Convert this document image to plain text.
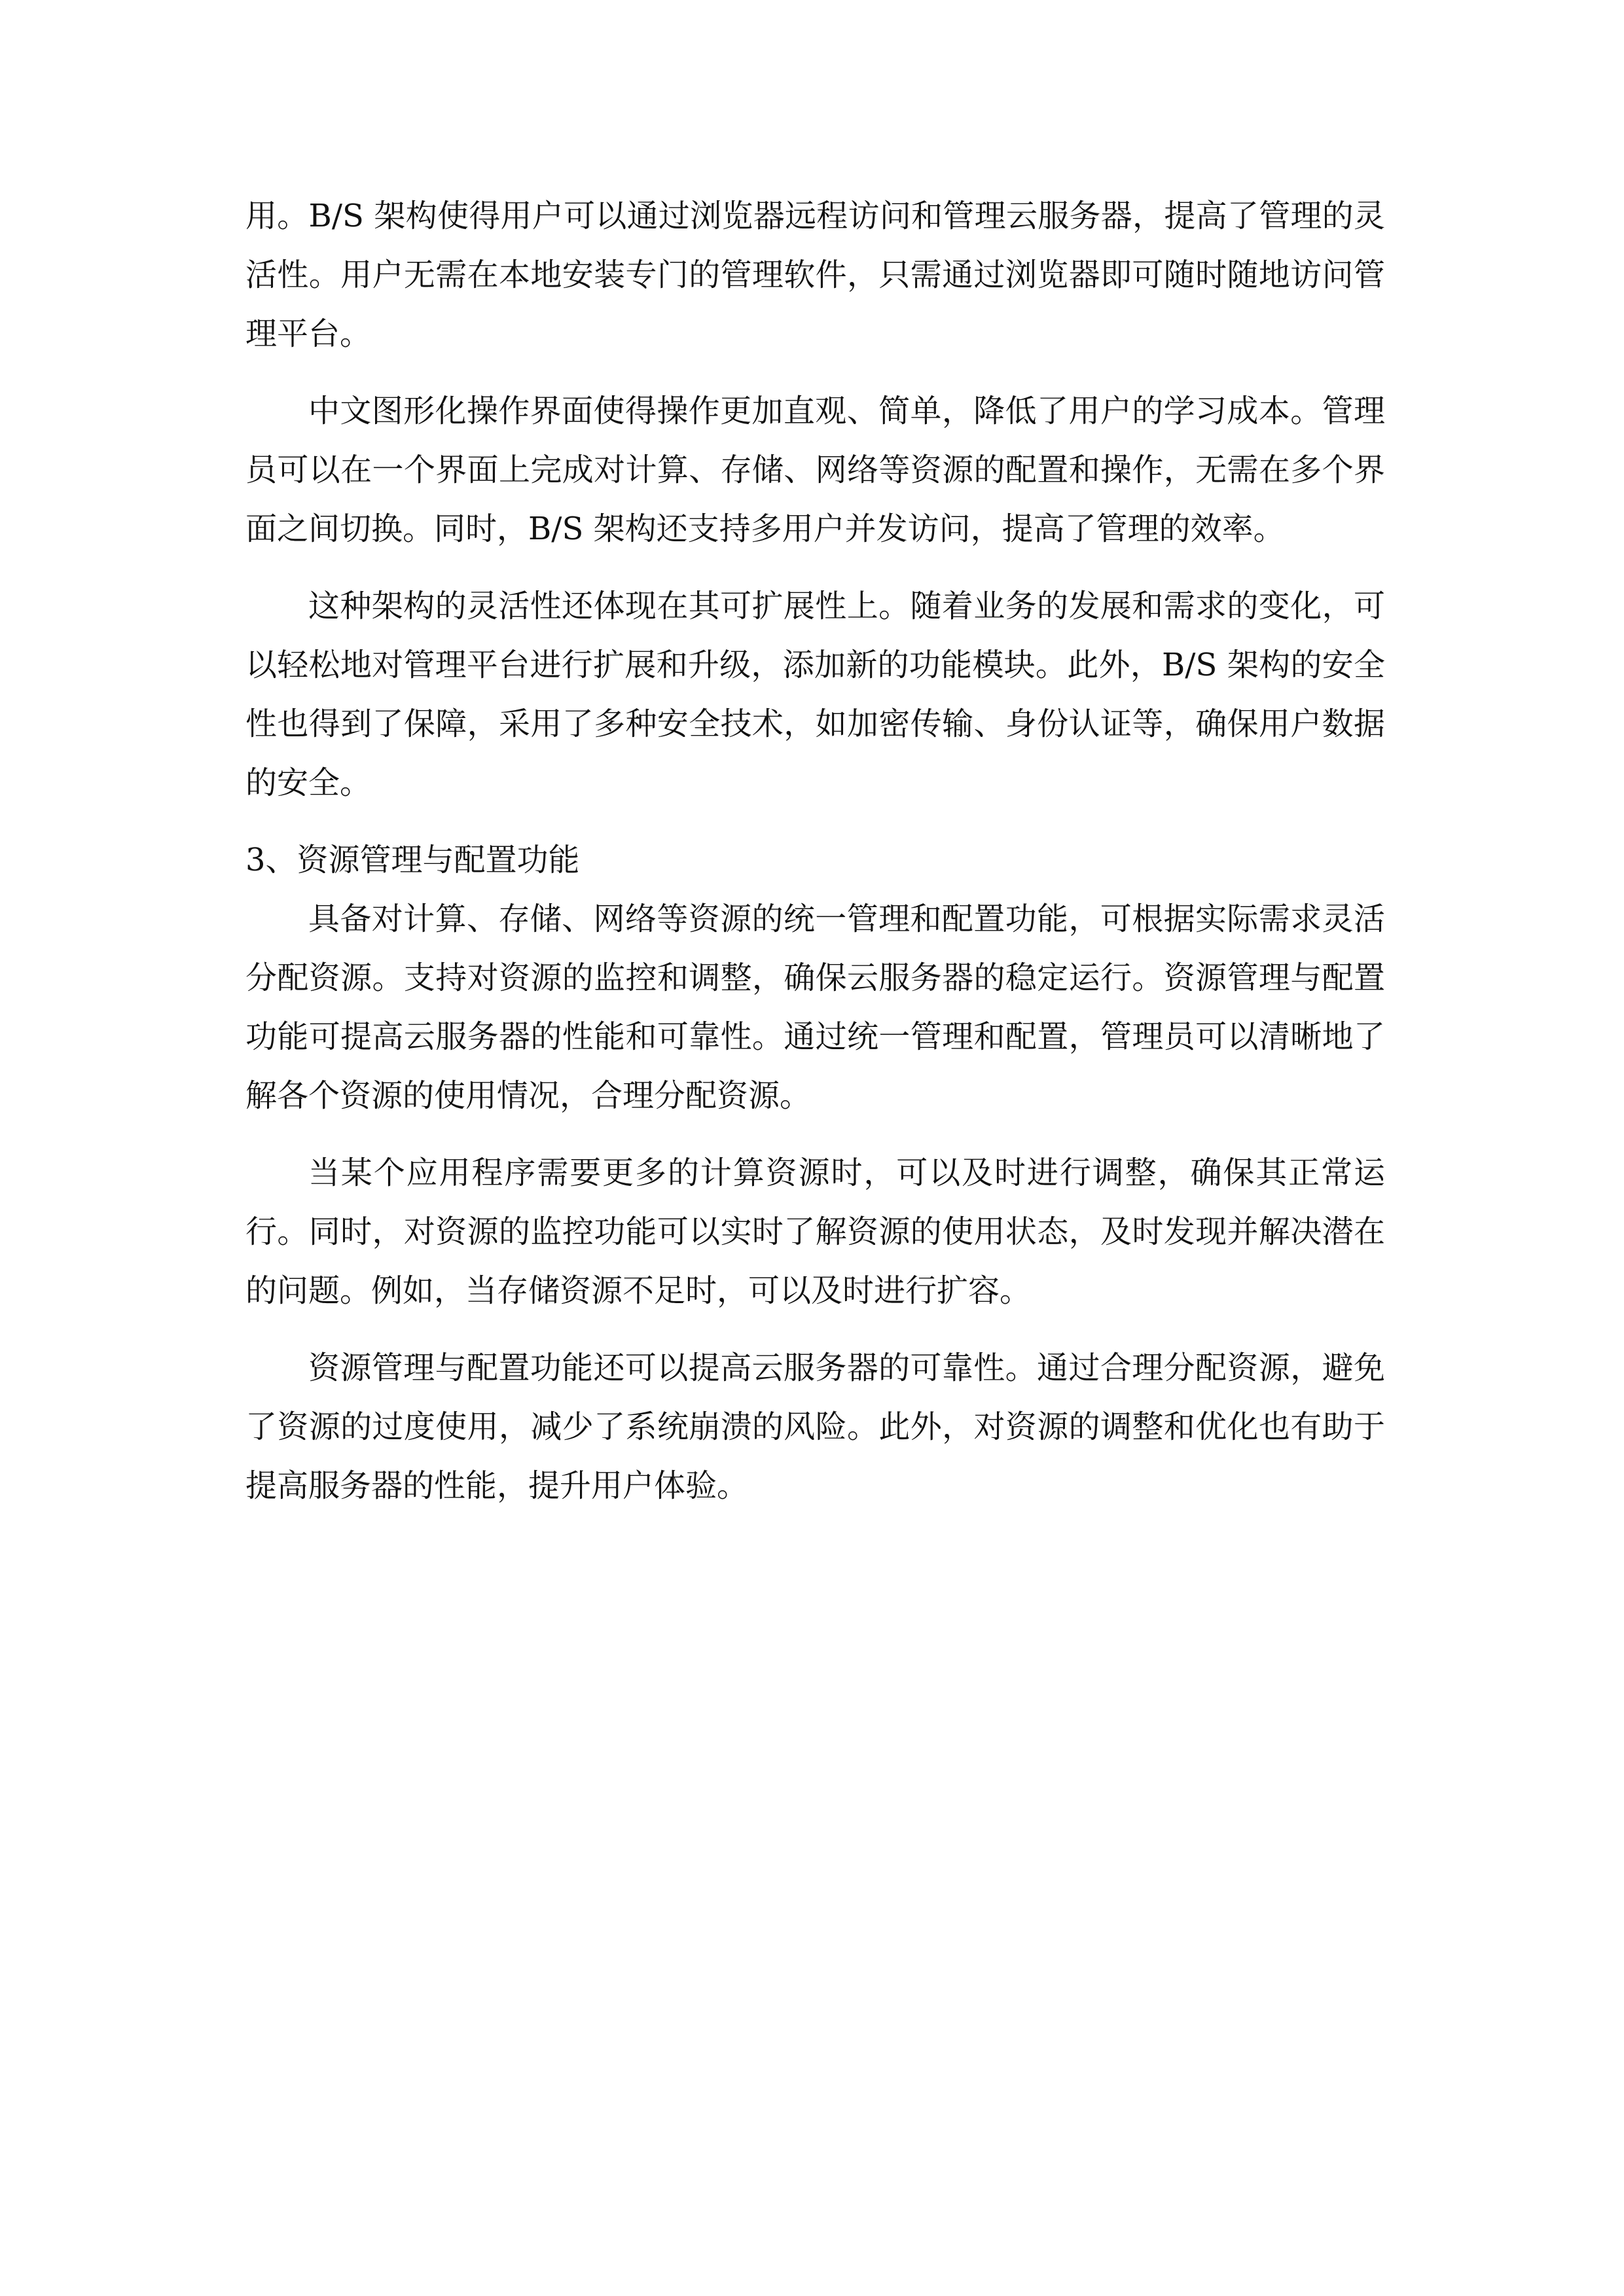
用。B/S 架构使得用户可以通过浏览器远程访问和管理云服务器，提高了管理的灵活性。用户无需在本地安装专门的管理软件，只需通过浏览器即可随时随地访问管理平台。

中文图形化操作界面使得操作更加直观、简单，降低了用户的学习成本。管理员可以在一个界面上完成对计算、存储、网络等资源的配置和操作，无需在多个界面之间切换。同时，B/S 架构还支持多用户并发访问，提高了管理的效率。

这种架构的灵活性还体现在其可扩展性上。随着业务的发展和需求的变化，可以轻松地对管理平台进行扩展和升级，添加新的功能模块。此外，B/S 架构的安全性也得到了保障，采用了多种安全技术，如加密传输、身份认证等，确保用户数据的安全。

3、资源管理与配置功能

具备对计算、存储、网络等资源的统一管理和配置功能，可根据实际需求灵活分配资源。支持对资源的监控和调整，确保云服务器的稳定运行。资源管理与配置功能可提高云服务器的性能和可靠性。通过统一管理和配置，管理员可以清晰地了解各个资源的使用情况，合理分配资源。

当某个应用程序需要更多的计算资源时，可以及时进行调整，确保其正常运行。同时，对资源的监控功能可以实时了解资源的使用状态，及时发现并解决潜在的问题。例如，当存储资源不足时，可以及时进行扩容。

资源管理与配置功能还可以提高云服务器的可靠性。通过合理分配资源，避免了资源的过度使用，减少了系统崩溃的风险。此外，对资源的调整和优化也有助于提高服务器的性能，提升用户体验。
